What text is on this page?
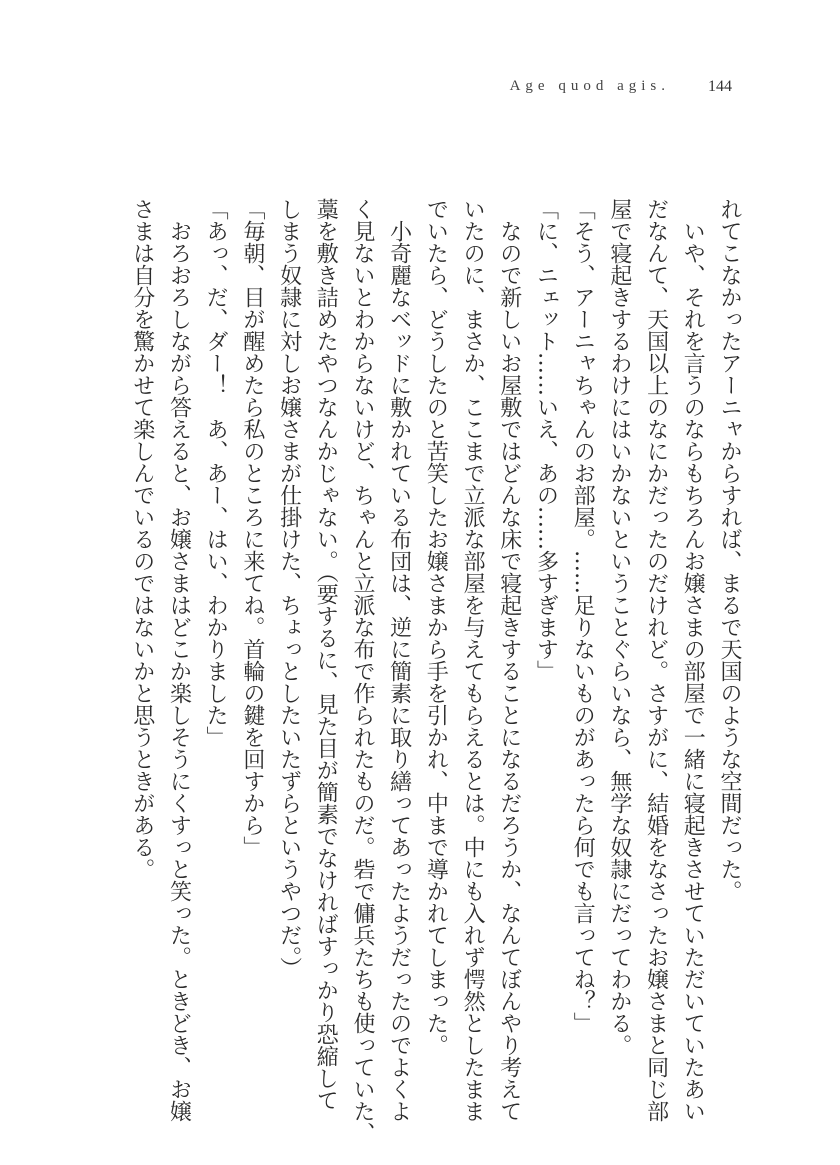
Age quod agis. 144
れてこなかったアーニャからすれば、まるで天国のような空間だった。
　いや、それを言うのならもちろんお嬢さまの部屋で一緒に寝起きさせていただいていたあい
だなんて、天国以上のなにかだったのだけれど。さすがに、結婚をなさったお嬢さまと同じ部
屋で寝起きするわけにはいかないということぐらいなら、無学な奴隷にだってわかる。
「そう、アーニャちゃんのお部屋。……足りないものがあったら何でも言ってね？」
「に、ニェット……いえ、あの……多すぎます」
　なので新しいお屋敷ではどんな床で寝起きすることになるだろうか、なんてぼんやり考えて
いたのに、まさか、ここまで立派な部屋を与えてもらえるとは。中にも入れず愕然としたまま
でいたら、どうしたのと苦笑したお嬢さまから手を引かれ、中まで導かれてしまった。
　小奇麗なベッドに敷かれている布団は、逆に簡素に取り繕ってあったようだったのでよくよ
く見ないとわからないけど、ちゃんと立派な布で作られたものだ。砦で傭兵たちも使っていた、
藁を敷き詰めたやつなんかじゃない。（要するに、見た目が簡素でなければすっかり恐縮して
しまう奴隷に対しお嬢さまが仕掛けた、ちょっとしたいたずらというやつだ。）
「毎朝、目が醒めたら私のところに来てね。首輪の鍵を回すから」
「あっ、だ、ダー！　あ、あー、はい、わかりました」
　おろおろしながら答えると、お嬢さまはどこか楽しそうにくすっと笑った。ときどき、お嬢
さまは自分を驚かせて楽しんでいるのではないかと思うときがある。
